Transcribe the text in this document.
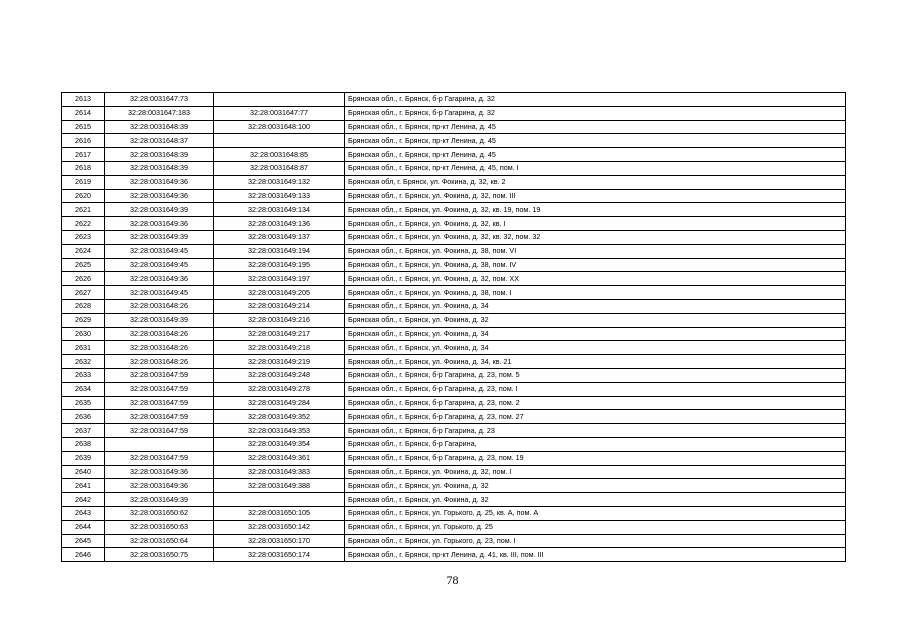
2613	32:28:0031647:73		Брянская обл., г. Брянск, б-р Гагарина, д. 32
2614	32:28:0031647:183	32:28:0031647:77	Брянская обл., г. Брянск, б-р Гагарина, д. 32
2615	32:28:0031648:39	32:28:0031648:100	Брянская обл., г. Брянск, пр-кт Ленина, д. 45
2616	32:28:0031648:37		Брянская обл., г. Брянск, пр-кт Ленина, д. 45
2617	32:28:0031648:39	32:28:0031648:85	Брянская обл., г. Брянск, пр-кт Ленина, д. 45
2618	32:28:0031648:39	32:28:0031648:87	Брянская обл., г. Брянск, пр-кт Ленина, д. 45, пом. I
2619	32:28:0031649:36	32:28:0031649:132	Брянская обл, г. Брянск, ул. Фокина, д. 32, кв. 2
2620	32:28:0031649:36	32:28:0031649:133	Брянская обл., г. Брянск, ул. Фокина, д. 32, пом. III
2621	32:28:0031649:39	32:28:0031649:134	Брянская обл., г. Брянск, ул. Фокина, д. 32, кв. 19, пом. 19
2622	32:28:0031649:36	32:28:0031649:136	Брянская обл., г. Брянск, ул. Фокина, д. 32, кв. I
2623	32:28:0031649:39	32:28:0031649:137	Брянская обл., г. Брянск, ул. Фокина, д. 32, кв. 32, пом. 32
2624	32:28:0031649:45	32:28:0031649:194	Брянская обл., г. Брянск, ул. Фокина, д. 38, пом. VI
2625	32:28:0031649:45	32:28:0031649:195	Брянская обл., г. Брянск, ул. Фокина, д. 38, пом. IV
2626	32:28:0031649:36	32:28:0031649:197	Брянская обл., г. Брянск, ул. Фокина, д. 32, пом. XX
2627	32:28:0031649:45	32:28:0031649:205	Брянская обл., г. Брянск, ул. Фокина, д. 38, пом. I
2628	32:28:0031648:26	32:28:0031649:214	Брянская обл., г. Брянск, ул. Фокина, д. 34
2629	32:28:0031649:39	32:28:0031649:216	Брянская обл., г. Брянск, ул. Фокина, д. 32
2630	32:28:0031648:26	32:28:0031649:217	Брянская обл., г. Брянск, ул. Фокина, д. 34
2631	32:28:0031648:26	32:28:0031649:218	Брянская обл., г. Брянск, ул. Фокина, д. 34
2632	32:28:0031648:26	32:28:0031649:219	Брянская обл., г. Брянск, ул. Фокина, д. 34, кв. 21
2633	32:28:0031647:59	32:28:0031649:248	Брянская обл., г. Брянск, б-р Гагарина, д. 23, пом. 5
2634	32:28:0031647:59	32:28:0031649:278	Брянская обл., г. Брянск, б-р Гагарина, д. 23, пом. I
2635	32:28:0031647:59	32:28:0031649:284	Брянская обл., г. Брянск, б-р Гагарина, д. 23, пом. 2
2636	32:28:0031647:59	32:28:0031649:352	Брянская обл., г. Брянск, б-р Гагарина, д. 23, пом. 27
2637	32:28:0031647:59	32:28:0031649:353	Брянская обл., г. Брянск, б-р Гагарина, д. 23
2638		32:28:0031649:354	Брянская обл., г. Брянск, б-р Гагарина,
2639	32:28:0031647:59	32:28:0031649:361	Брянская обл., г. Брянск, б-р Гагарина, д. 23, пом. 19
2640	32:28:0031649:36	32:28:0031649:383	Брянская обл., г. Брянск, ул. Фокина, д. 32, пом. I
2641	32:28:0031649:36	32:28:0031649:388	Брянская обл., г. Брянск, ул. Фокина, д. 32
2642	32:28:0031649:39		Брянская обл., г. Брянск, ул. Фокина, д. 32
2643	32:28:0031650:62	32:28:0031650:105	Брянская обл., г. Брянск, ул. Горького, д. 25, кв. А, пом. А
2644	32:28:0031650:63	32:28:0031650:142	Брянская обл., г. Брянск, ул. Горького, д. 25
2645	32:28:0031650:64	32:28:0031650:170	Брянская обл., г. Брянск, ул. Горького, д. 23, пом. I
2646	32:28:0031650:75	32:28:0031650:174	Брянская обл., г. Брянск, пр-кт Ленина, д. 41, кв. III, пом. III
78
